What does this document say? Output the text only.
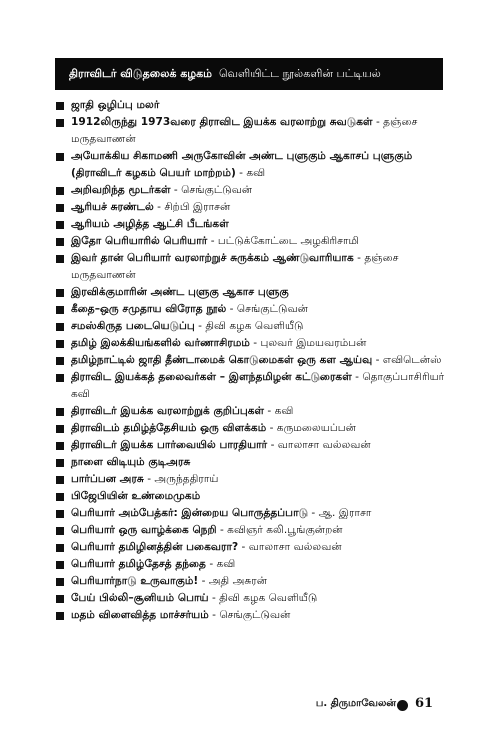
திராவிடர் விடுதலைக் கழகம்
வெளியிட்ட நூல்களின் பட்டியல்
ஜாதி ஒழிப்பு மலர்
1912லிருந்து 1973வரை திராவிட இயக்க வரலாற்று சுவடுகள் - தஞ்சை மருதவாணன்
அயோக்கிய சிகாமணி அருகோவின் அண்ட புளுகும் ஆகாசப் புளுகும் (திராவிடர் கழகம் பெயர் மாற்றம்) - கவி
அறிவறிந்த மூடர்கள் - செங்குட்டுவன்
ஆரியச் சுரண்டல் - சிற்பி இராசன்
ஆரியம் அழித்த ஆட்சி பீடங்கள்
இதோ பெரியாரில் பெரியார் - பட்டுக்கோட்டை அழகிரிசாமி
இவர் தான் பெரியார் வரலாற்றுச் சுருக்கம் ஆண்டுவாரியாக - தஞ்சை மருதவாணன்
இரவிக்குமாரின் அண்ட புளுகு ஆகாச புளுகு
கீதை–ஒரு சமுதாய விரோத நூல் - செங்குட்டுவன்
சமஸ்கிருத படையெடுப்பு - திவி கழக வெளியீடு
தமிழ் இலக்கியங்களில் வர்ணாசிரமம் - புலவர் இமயவரம்பன்
தமிழ்நாட்டில் ஜாதி தீண்டாமைக் கொடுமைகள் ஒரு கள ஆய்வு - எவிடென்ஸ்
திராவிட இயக்கத் தலைவர்கள் – இளந்தமிழன் கட்டுரைகள் - தொகுப்பாசிரியர் கவி
திராவிடர் இயக்க வரலாற்றுக் குறிப்புகள் - கவி
திராவிடம் தமிழ்த்தேசியம் ஒரு விளக்கம் - கருமலையப்பன்
திராவிடர் இயக்க பார்வையில் பாரதியார் - வாலாசா வல்லவன்
நாளை விடியும் குடிஅரசு
பார்ப்பன அரசு - அருந்ததிராய்
பிஜேபியின் உண்மைமுகம்
பெரியார் அம்பேத்கர்: இன்றைய பொருத்தப்பாடு - ஆ. இராசா
பெரியார் ஒரு வாழ்க்கை நெறி - கவிஞர் கலி.பூங்குன்றன்
பெரியார் தமிழினத்தின் பகைவரா? - வாலாசா வல்லவன்
பெரியார் தமிழ்தேசத் தந்தை - கவி
பெரியார்நாடு உருவாகும்! - அதி அசுரன்
பேய் பில்லி–சூனியம் பொய் - திவி கழக வெளியீடு
மதம் விளைவித்த மாச்சர்யம் - செங்குட்டுவன்
ப. திருமாவேலன் 61
